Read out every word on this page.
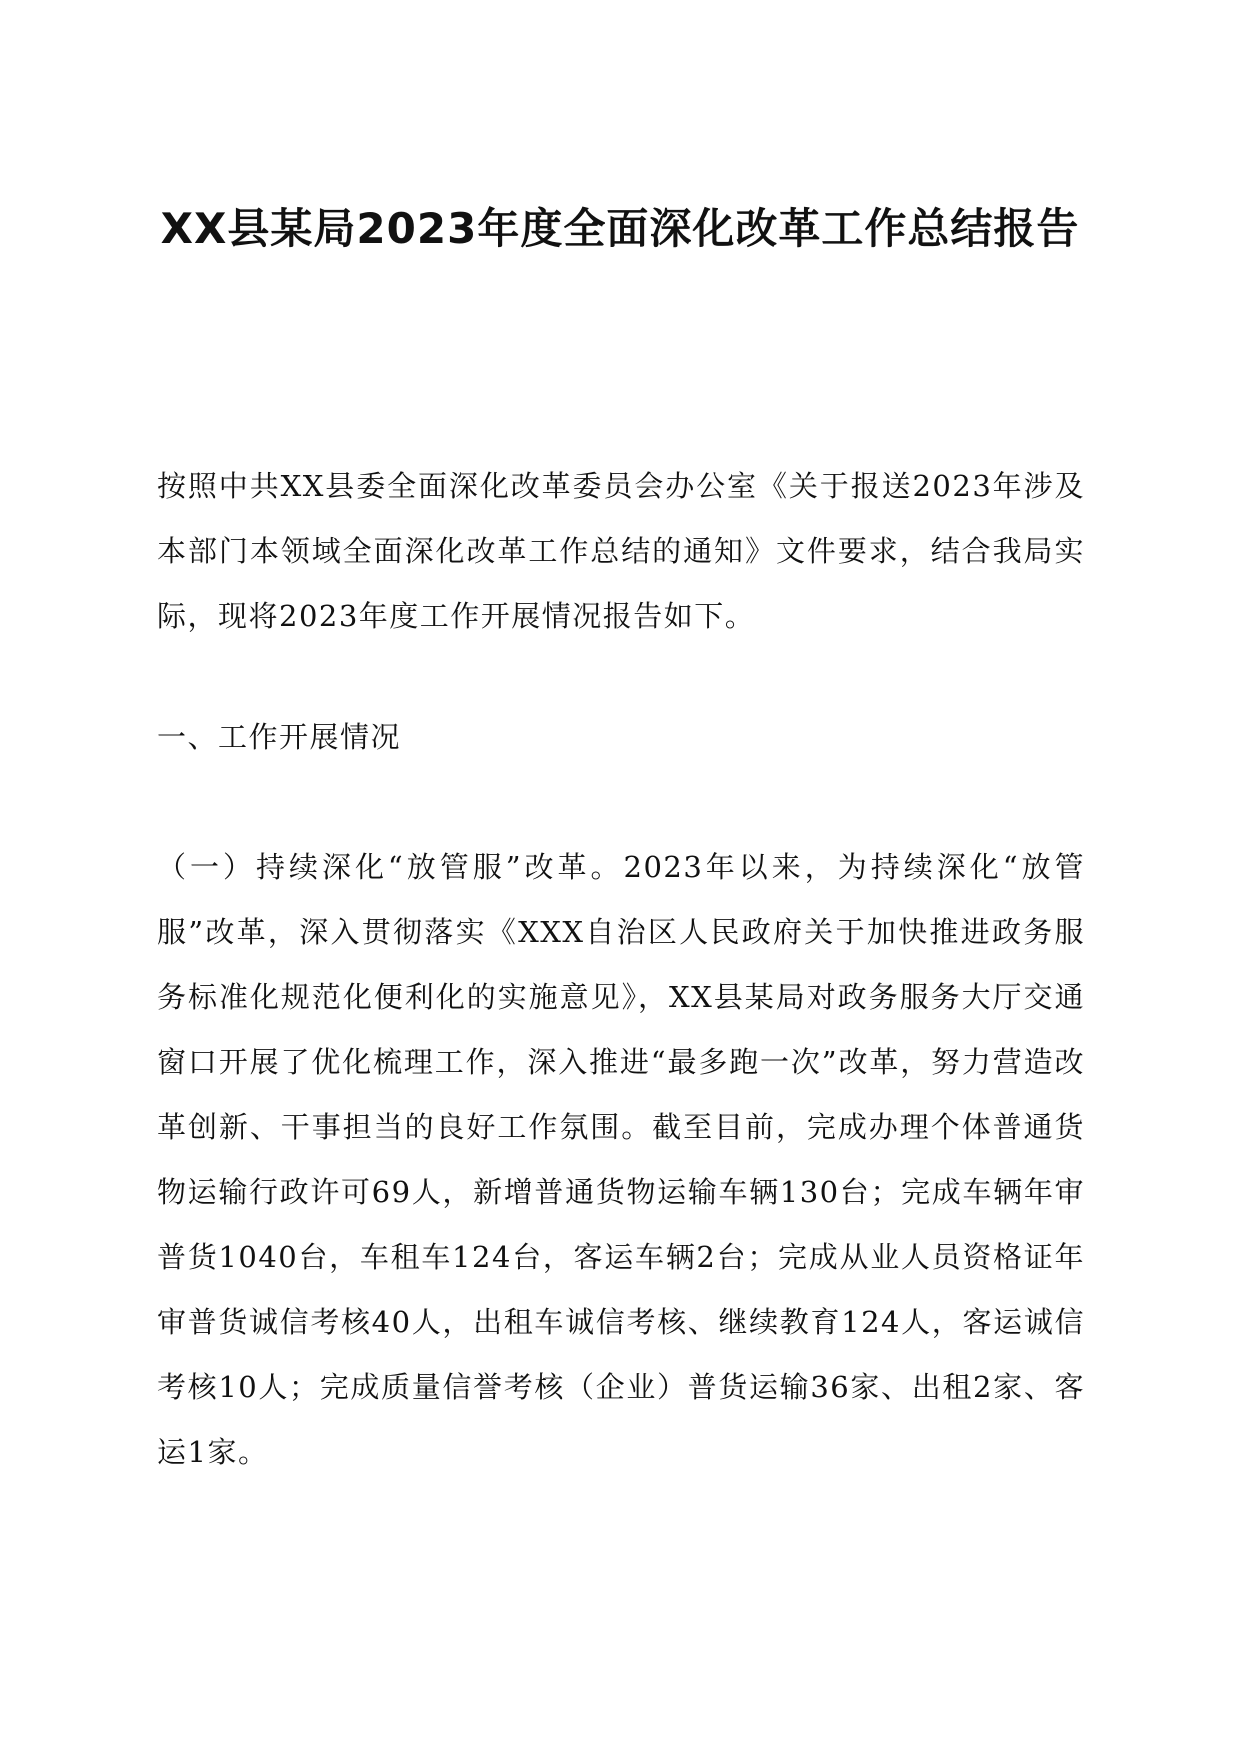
XX县某局2023年度全面深化改革工作总结报告

按照中共XX县委全面深化改革委员会办公室《关于报送2023年涉及本部门本领域全面深化改革工作总结的通知》文件要求，结合我局实际，现将2023年度工作开展情况报告如下。

一、工作开展情况

（一）持续深化“放管服”改革。2023年以来，为持续深化“放管服”改革，深入贯彻落实《XXX自治区人民政府关于加快推进政务服务标准化规范化便利化的实施意见》，XX县某局对政务服务大厅交通窗口开展了优化梳理工作，深入推进“最多跑一次”改革，努力营造改革创新、干事担当的良好工作氛围。截至目前，完成办理个体普通货物运输行政许可69人，新增普通货物运输车辆130台；完成车辆年审普货1040台，车租车124台，客运车辆2台；完成从业人员资格证年审普货诚信考核40人，出租车诚信考核、继续教育124人，客运诚信考核10人；完成质量信誉考核（企业）普货运输36家、出租2家、客运1家。
